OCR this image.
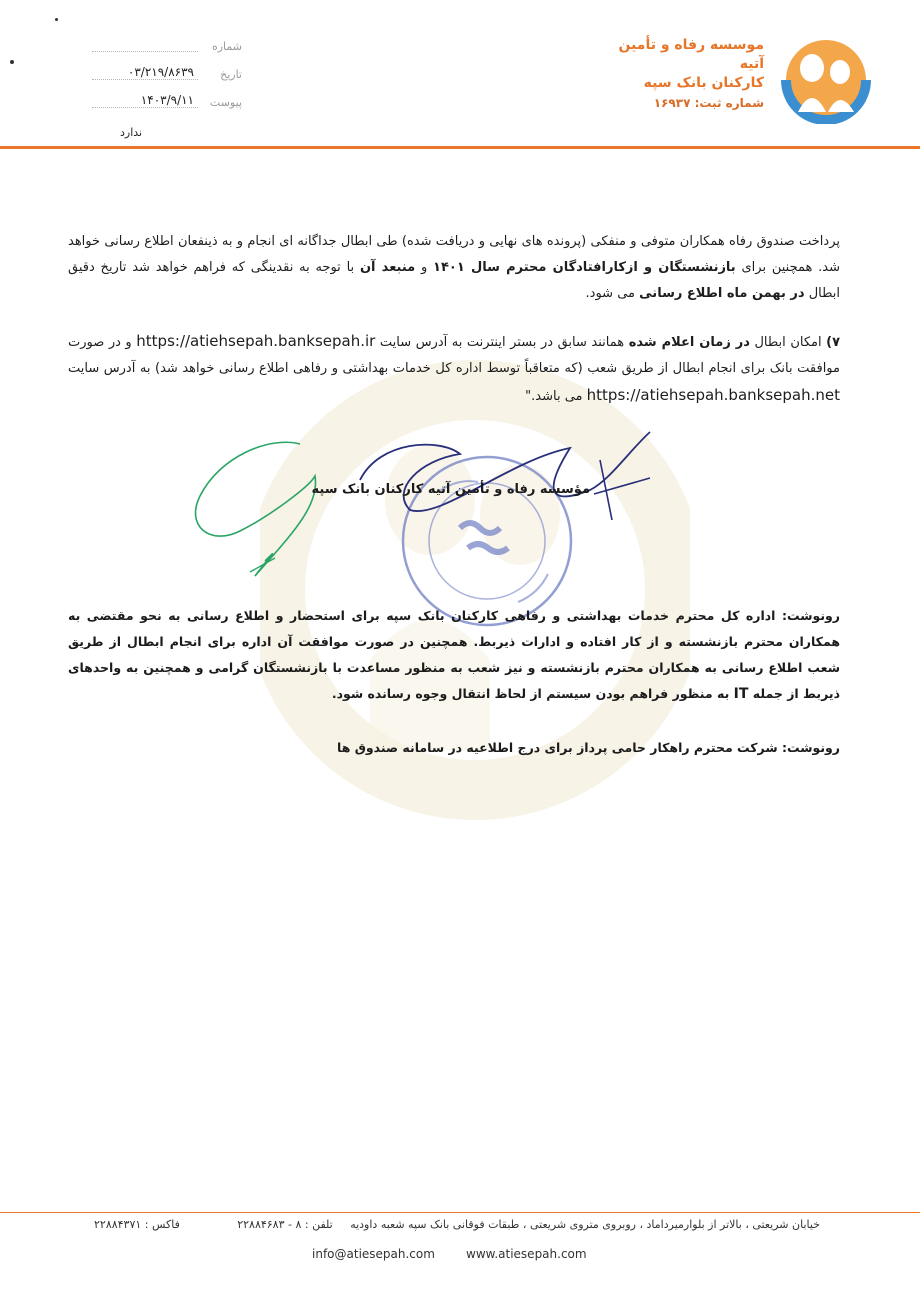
موسسه رفاه و تأمین آتیه
کارکنان بانک سپه
شماره ثبت: ۱۶۹۳۷
شماره
تاریخ
۰۳/۲۱۹/۸۶۳۹
پیوست
۱۴۰۳/۹/۱۱
ندارد
پرداخت صندوق رفاه همکاران متوفی و منفکی (پرونده های نهایی و دریافت شده) طی ابطال جداگانه ای انجام و به ذینفعان اطلاع رسانی خواهد شد. همچنین برای بازنشستگان و ازکارافتادگان محترم سال ۱۴۰۱ و منبعد آن با توجه به نقدینگی که فراهم خواهد شد تاریخ دقیق ابطال در بهمن ماه اطلاع رسانی می شود.
۷) امکان ابطال در زمان اعلام شده همانند سابق در بستر اینترنت به آدرس سایت https://atiehsepah.banksepah.ir و در صورت موافقت بانک برای انجام ابطال از طریق شعب (که متعاقباً توسط اداره کل خدمات بهداشتی و رفاهی اطلاع رسانی خواهد شد) به آدرس سایت https://atiehsepah.banksepah.net می باشد."
مؤسسه رفاه و تأمین آتیه کارکنان بانک سپه
رونوشت: اداره کل محترم خدمات بهداشتی و رفاهی کارکنان بانک سپه برای استحضار و اطلاع رسانی به نحو مقتضی به همکاران محترم بازنشسته و از کار افتاده و ادارات ذیربط. همچنین در صورت موافقت آن اداره برای انجام ابطال از طریق شعب اطلاع رسانی به همکاران محترم بازنشسته و نیز شعب به منظور مساعدت با بازنشستگان گرامی و همچنین به واحدهای ذیربط از جمله IT به منظور فراهم بودن سیستم از لحاظ انتقال وجوه رسانده شود.
رونوشت: شرکت محترم راهکار حامی پرداز برای درج اطلاعیه در سامانه صندوق ها
خیابان شریعتی ، بالاتر از بلوارمیرداماد ، روبروی متروی شریعتی ، طبقات فوقانی بانک سپه شعبه داودیه     تلفن : ۸ - ۲۲۸۸۴۶۸۳
فاکس : ۲۲۸۸۴۳۷۱
info@atiesepah.com	www.atiesepah.com
